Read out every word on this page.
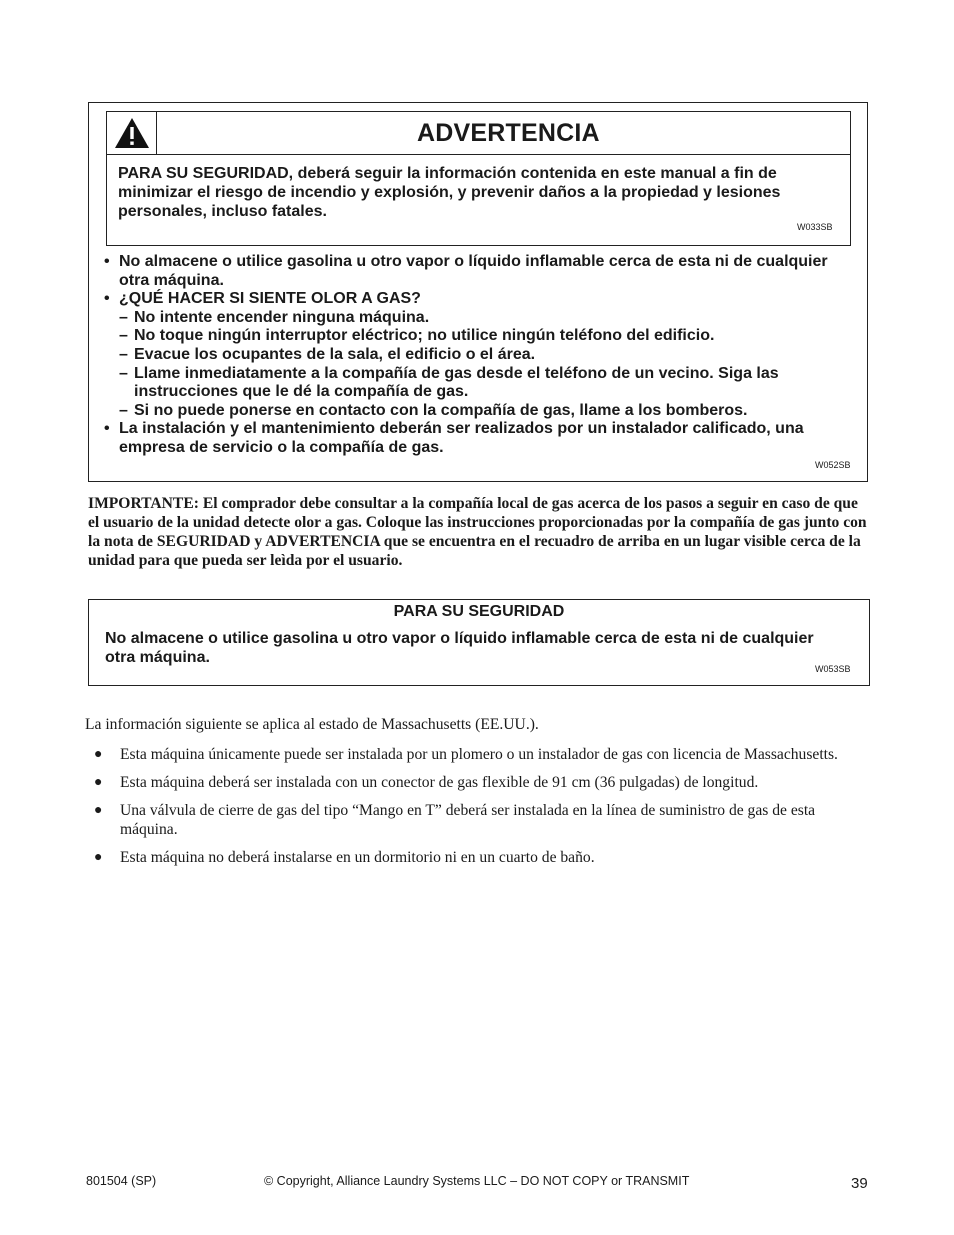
ADVERTENCIA
PARA SU SEGURIDAD, deberá seguir la información contenida en este manual a fin de minimizar el riesgo de incendio y explosión, y prevenir daños a la propiedad y lesiones personales, incluso fatales.
W033SB
• No almacene o utilice gasolina u otro vapor o líquido inflamable cerca de esta ni de cualquier otra máquina.
• ¿QUÉ HACER SI SIENTE OLOR A GAS?
– No intente encender ninguna máquina.
– No toque ningún interruptor eléctrico; no utilice ningún teléfono del edificio.
– Evacue los ocupantes de la sala, el edificio o el área.
– Llame inmediatamente a la compañía de gas desde el teléfono de un vecino. Siga las instrucciones que le dé la compañía de gas.
– Si no puede ponerse en contacto con la compañía de gas, llame a los bomberos.
• La instalación y el mantenimiento deberán ser realizados por un instalador calificado, una empresa de servicio o la compañía de gas.
W052SB
IMPORTANTE: El comprador debe consultar a la compañía local de gas acerca de los pasos a seguir en caso de que el usuario de la unidad detecte olor a gas. Coloque las instrucciones proporcionadas por la compañía de gas junto con la nota de SEGURIDAD y ADVERTENCIA que se encuentra en el recuadro de arriba en un lugar visible cerca de la unidad para que pueda ser leìda por el usuario.
PARA SU SEGURIDAD
No almacene o utilice gasolina u otro vapor o líquido inflamable cerca de esta ni de cualquier otra máquina.
W053SB
La información siguiente se aplica al estado de Massachusetts (EE.UU.).
● Esta máquina únicamente puede ser instalada por un plomero o un instalador de gas con licencia de Massachusetts.
● Esta máquina deberá ser instalada con un conector de gas flexible de 91 cm (36 pulgadas) de longitud.
● Una válvula de cierre de gas del tipo “Mango en T” deberá ser instalada en la línea de suministro de gas de esta máquina.
● Esta máquina no deberá instalarse en un dormitorio ni en un cuarto de baño.
801504 (SP)	© Copyright, Alliance Laundry Systems LLC – DO NOT COPY or TRANSMIT	39
